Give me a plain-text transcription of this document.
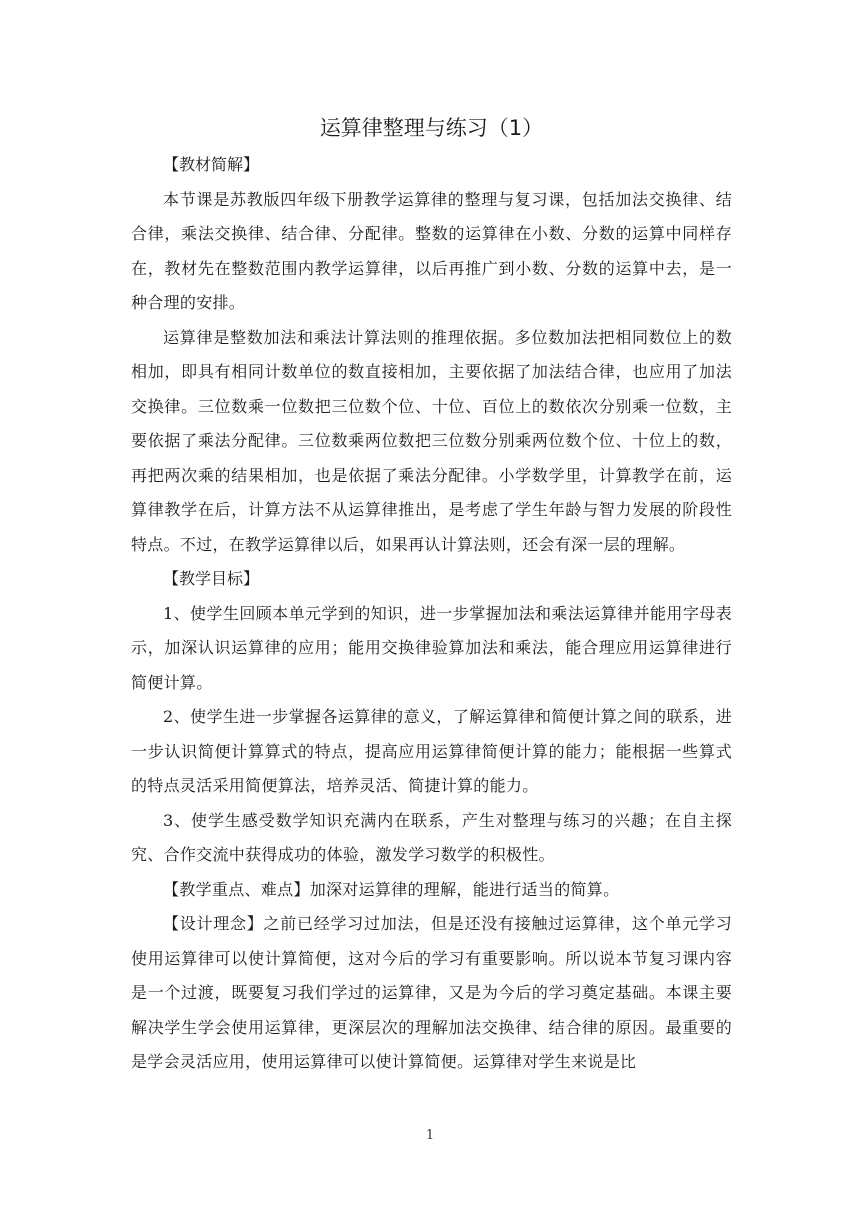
运算律整理与练习（1）

【教材简解】

本节课是苏教版四年级下册教学运算律的整理与复习课，包括加法交换律、结合律，乘法交换律、结合律、分配律。整数的运算律在小数、分数的运算中同样存在，教材先在整数范围内教学运算律，以后再推广到小数、分数的运算中去，是一种合理的安排。

运算律是整数加法和乘法计算法则的推理依据。多位数加法把相同数位上的数相加，即具有相同计数单位的数直接相加，主要依据了加法结合律，也应用了加法交换律。三位数乘一位数把三位数个位、十位、百位上的数依次分别乘一位数，主要依据了乘法分配律。三位数乘两位数把三位数分别乘两位数个位、十位上的数，再把两次乘的结果相加，也是依据了乘法分配律。小学数学里，计算教学在前，运算律教学在后，计算方法不从运算律推出，是考虑了学生年龄与智力发展的阶段性特点。不过，在教学运算律以后，如果再认计算法则，还会有深一层的理解。

【教学目标】

1、使学生回顾本单元学到的知识，进一步掌握加法和乘法运算律并能用字母表示，加深认识运算律的应用；能用交换律验算加法和乘法，能合理应用运算律进行简便计算。

2、使学生进一步掌握各运算律的意义，了解运算律和简便计算之间的联系，进一步认识简便计算算式的特点，提高应用运算律简便计算的能力；能根据一些算式的特点灵活采用简便算法，培养灵活、简捷计算的能力。

3、使学生感受数学知识充满内在联系，产生对整理与练习的兴趣；在自主探究、合作交流中获得成功的体验，激发学习数学的积极性。

【教学重点、难点】加深对运算律的理解，能进行适当的简算。

【设计理念】之前已经学习过加法，但是还没有接触过运算律，这个单元学习使用运算律可以使计算简便，这对今后的学习有重要影响。所以说本节复习课内容是一个过渡，既要复习我们学过的运算律，又是为今后的学习奠定基础。本课主要解决学生学会使用运算律，更深层次的理解加法交换律、结合律的原因。最重要的是学会灵活应用，使用运算律可以使计算简便。运算律对学生来说是比

1
